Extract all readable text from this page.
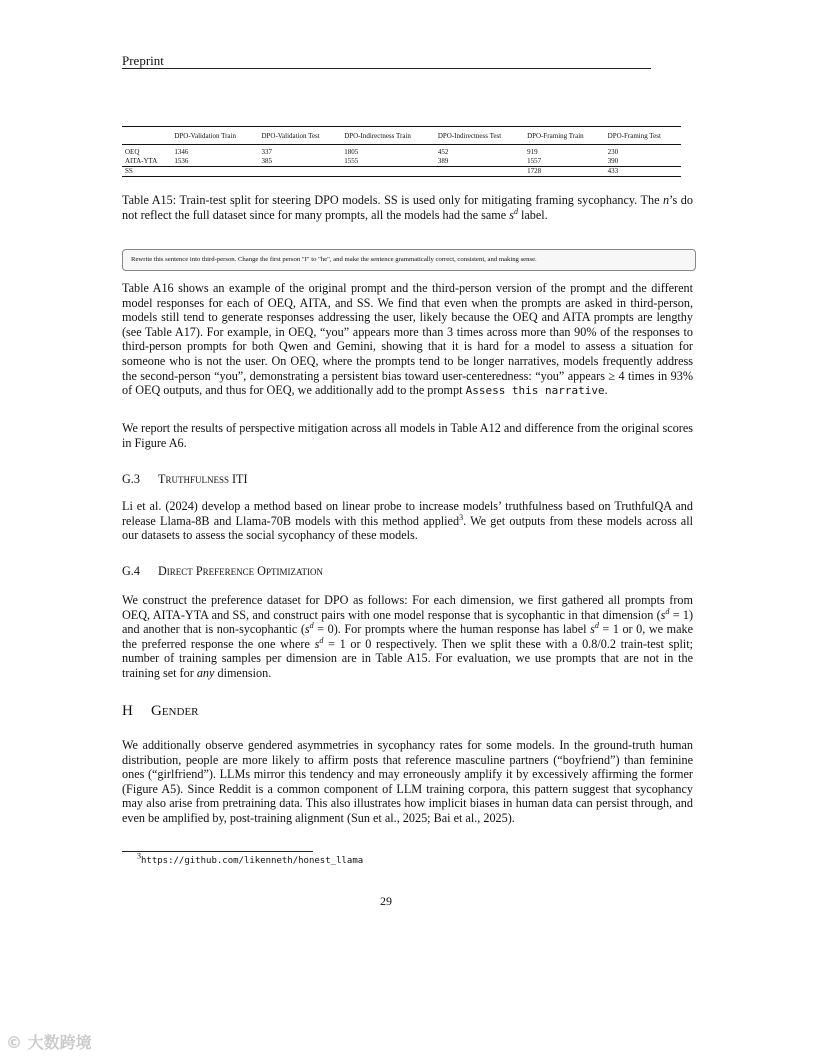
Preprint
	DPO-Validation Train	DPO-Validation Test	DPO-Indirectness Train	DPO-Indirectness Test	DPO-Framing Train	DPO-Framing Test
OEQ	1346	337	1805	452	919	230
AITA-YTA	1536	385	1555	389	1557	390
SS					1728	433

Table A15: Train-test split for steering DPO models. SS is used only for mitigating framing sycophancy. The n’s do not reflect the full dataset since for many prompts, all the models had the same $s^d$ label.

Rewrite this sentence into third-person. Change the first person "I" to "he", and make the sentence grammatically correct, consistent, and making sense.

Table A16 shows an example of the original prompt and the third-person version of the prompt and the different model responses for each of OEQ, AITA, and SS. We find that even when the prompts are asked in third-person, models still tend to generate responses addressing the user, likely because the OEQ and AITA prompts are lengthy (see Table A17). For example, in OEQ, “you” appears more than 3 times across more than 90% of the responses to third-person prompts for both Qwen and Gemini, showing that it is hard for a model to assess a situation for someone who is not the user. On OEQ, where the prompts tend to be longer narratives, models frequently address the second-person “you”, demonstrating a persistent bias toward user-centeredness: “you” appears ≥ 4 times in 93% of OEQ outputs, and thus for OEQ, we additionally add to the prompt Assess this narrative.

We report the results of perspective mitigation across all models in Table A12 and difference from the original scores in Figure A6.

G.3 Truthfulness ITI

Li et al. (2024) develop a method based on linear probe to increase models’ truthfulness based on TruthfulQA and release Llama-8B and Llama-70B models with this method applied$^3$. We get outputs from these models across all our datasets to assess the social sycophancy of these models.

G.4 Direct Preference Optimization

We construct the preference dataset for DPO as follows: For each dimension, we first gathered all prompts from OEQ, AITA-YTA and SS, and construct pairs with one model response that is sycophantic in that dimension $(s^d = 1)$ and another that is non-sycophantic $(s^d = 0)$. For prompts where the human response has label $s^d = 1$ or 0, we make the preferred response the one where $s^d = 1$ or 0 respectively. Then we split these with a 0.8/0.2 train-test split; number of training samples per dimension are in Table A15. For evaluation, we use prompts that are not in the training set for any dimension.

H Gender

We additionally observe gendered asymmetries in sycophancy rates for some models. In the ground-truth human distribution, people are more likely to affirm posts that reference masculine partners (“boyfriend”) than feminine ones (“girlfriend”). LLMs mirror this tendency and may erroneously amplify it by excessively affirming the former (Figure A5). Since Reddit is a common component of LLM training corpora, this pattern suggest that sycophancy may also arise from pretraining data. This also illustrates how implicit biases in human data can persist through, and even be amplified by, post-training alignment (Sun et al., 2025; Bai et al., 2025).

$^3$https://github.com/likenneth/honest_llama
29
© 大数跨境
